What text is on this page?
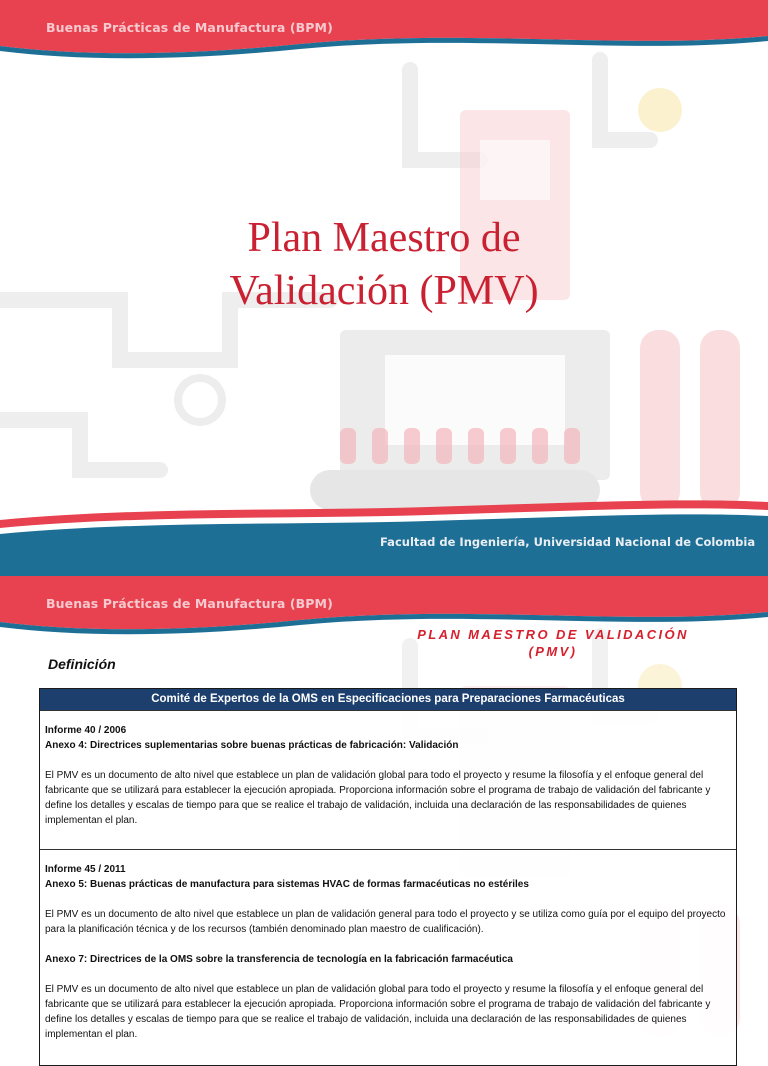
Buenas Prácticas de Manufactura (BPM)
Plan Maestro de
Validación (PMV)
Facultad de Ingeniería, Universidad Nacional de Colombia
Buenas Prácticas de Manufactura (BPM)
PLAN MAESTRO DE VALIDACIÓN
(PMV)
Definición
Comité de Expertos de la OMS en Especificaciones para Preparaciones Farmacéuticas
Informe 40 / 2006
Anexo 4: Directrices suplementarias sobre buenas prácticas de fabricación: Validación
El PMV es un documento de alto nivel que establece un plan de validación global para todo el proyecto y resume la filosofía y el enfoque general del fabricante que se utilizará para establecer la ejecución apropiada. Proporciona información sobre el programa de trabajo de validación del fabricante y define los detalles y escalas de tiempo para que se realice el trabajo de validación, incluida una declaración de las responsabilidades de quienes implementan el plan.
Informe 45 / 2011
Anexo 5: Buenas prácticas de manufactura para sistemas HVAC de formas farmacéuticas no estériles
El PMV es un documento de alto nivel que establece un plan de validación general para todo el proyecto y se utiliza como guía por el equipo del proyecto para la planificación técnica y de los recursos (también denominado plan maestro de cualificación).
Anexo 7: Directrices de la OMS sobre la transferencia de tecnología en la fabricación farmacéutica
El PMV es un documento de alto nivel que establece un plan de validación global para todo el proyecto y resume la filosofía y el enfoque general del fabricante que se utilizará para establecer la ejecución apropiada. Proporciona información sobre el programa de trabajo de validación del fabricante y define los detalles y escalas de tiempo para que se realice el trabajo de validación, incluida una declaración de las responsabilidades de quienes implementan el plan.
